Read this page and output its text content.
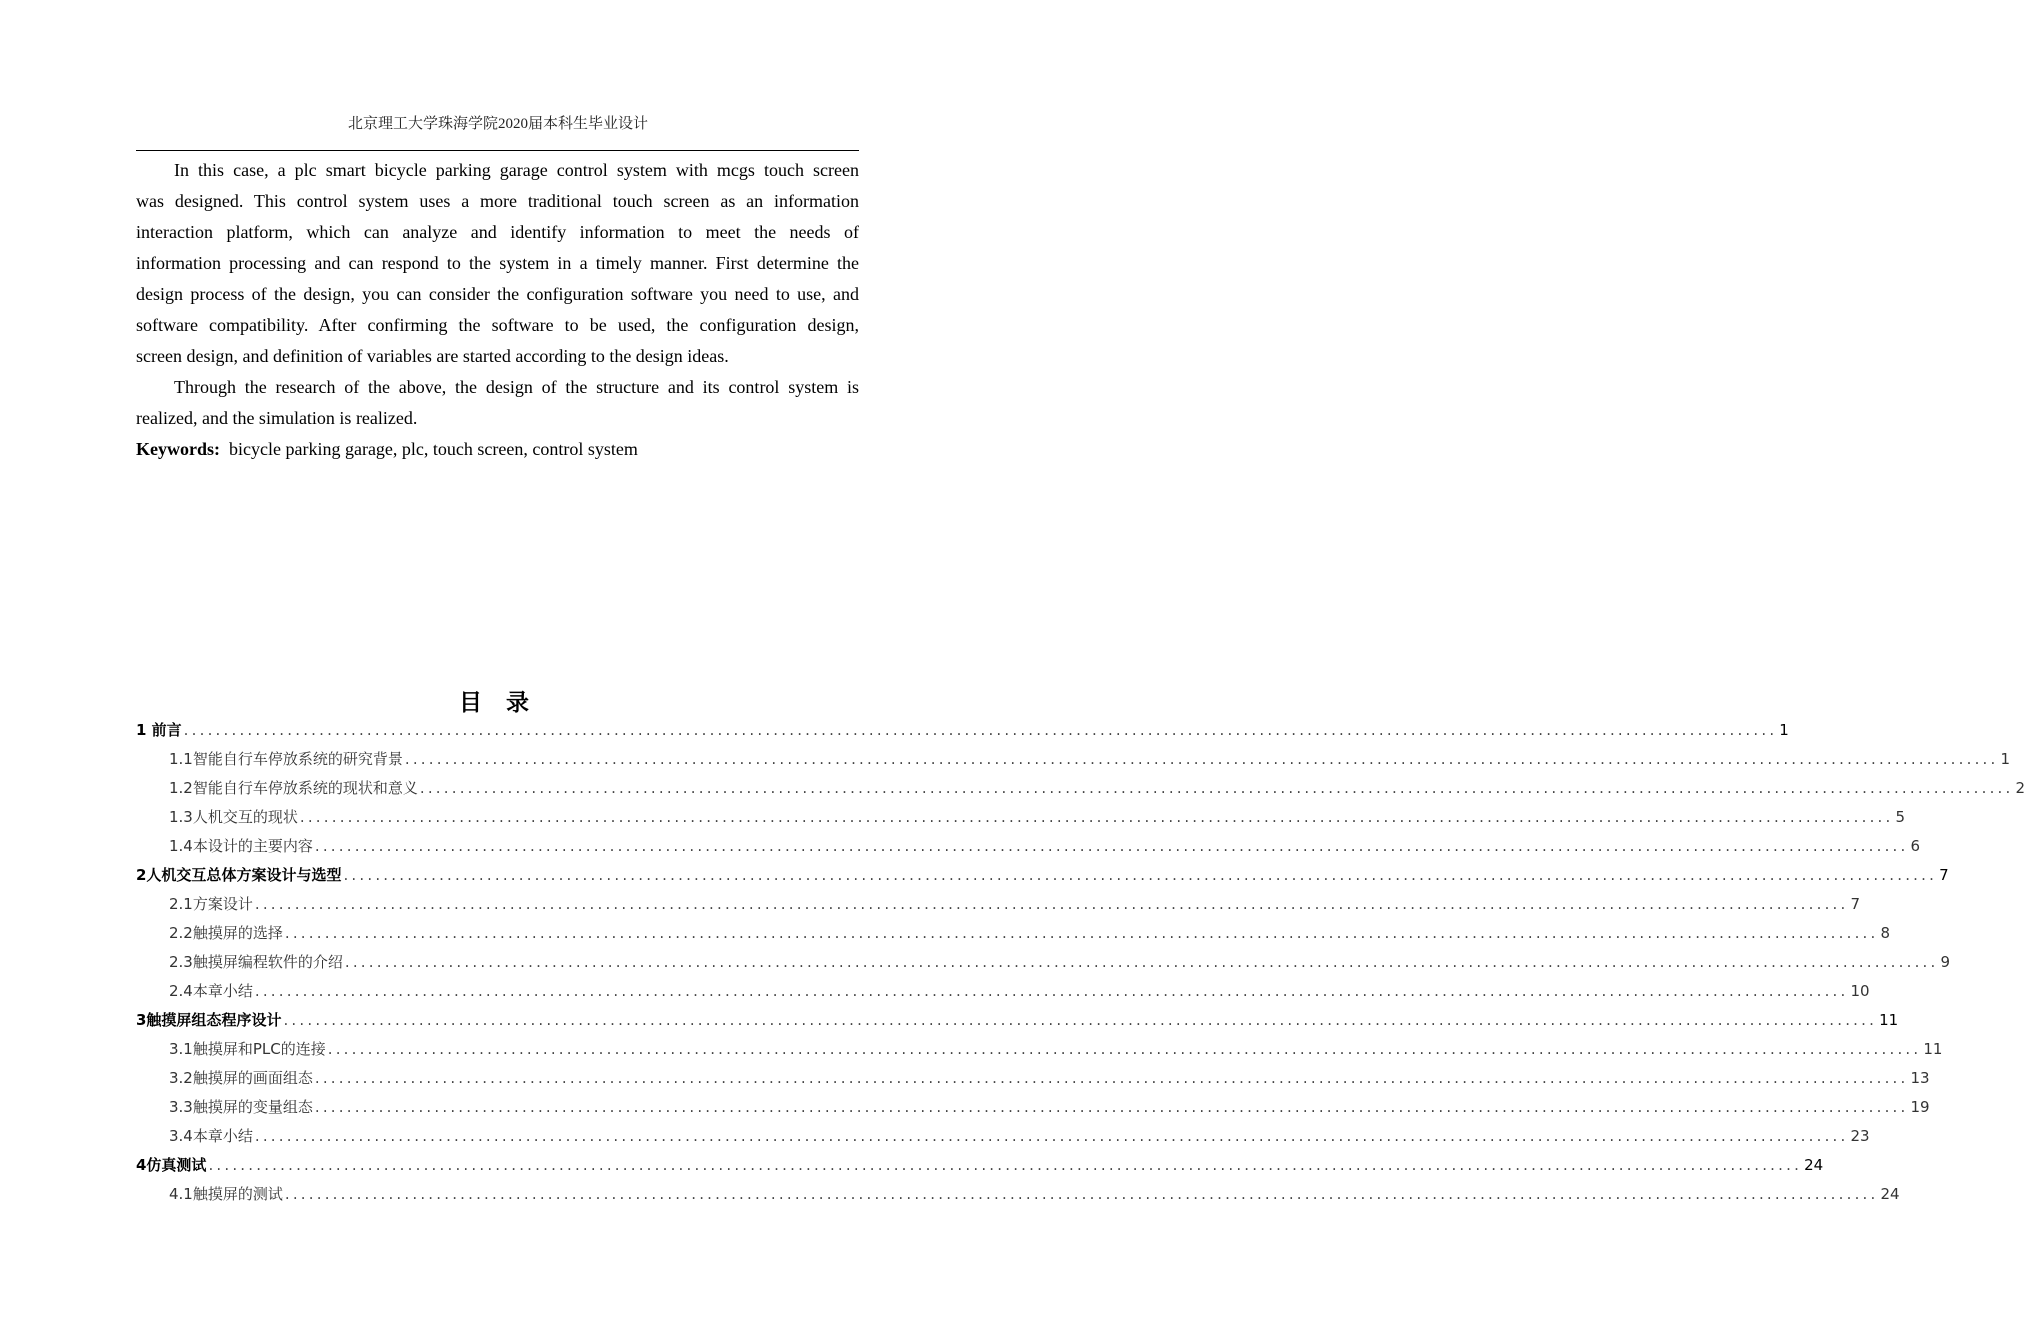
北京理工大学珠海学院2020届本科生毕业设计
In this case, a plc smart bicycle parking garage control system with mcgs touch screen
was designed. This control system uses a more traditional touch screen as an information
interaction platform, which can analyze and identify information to meet the needs of
information processing and can respond to the system in a timely manner. First determine the
design process of the design, you can consider the configuration software you need to use, and
software compatibility. After confirming the software to be used, the configuration design,
screen design, and definition of variables are started according to the design ideas.
Through the research of the above, the design of the structure and its control system is
realized, and the simulation is realized.
Keywords: bicycle parking garage, plc, touch screen, control system
目 录
1 前言 ........................................................................................................................................................................................................ 1
1.1智能自行车停放系统的研究背景 ........................................................................................................................................................................................................ 1
1.2智能自行车停放系统的现状和意义 ........................................................................................................................................................................................................ 2
1.3人机交互的现状 ........................................................................................................................................................................................................ 5
1.4本设计的主要内容 ........................................................................................................................................................................................................ 6
2人机交互总体方案设计与选型 ........................................................................................................................................................................................................ 7
2.1方案设计 ........................................................................................................................................................................................................ 7
2.2触摸屏的选择 ........................................................................................................................................................................................................ 8
2.3触摸屏编程软件的介绍 ........................................................................................................................................................................................................ 9
2.4本章小结 ........................................................................................................................................................................................................ 10
3触摸屏组态程序设计 ........................................................................................................................................................................................................ 11
3.1触摸屏和PLC的连接 ........................................................................................................................................................................................................ 11
3.2触摸屏的画面组态 ........................................................................................................................................................................................................ 13
3.3触摸屏的变量组态 ........................................................................................................................................................................................................ 19
3.4本章小结 ........................................................................................................................................................................................................ 23
4仿真测试 ........................................................................................................................................................................................................ 24
4.1触摸屏的测试 ........................................................................................................................................................................................................ 24
